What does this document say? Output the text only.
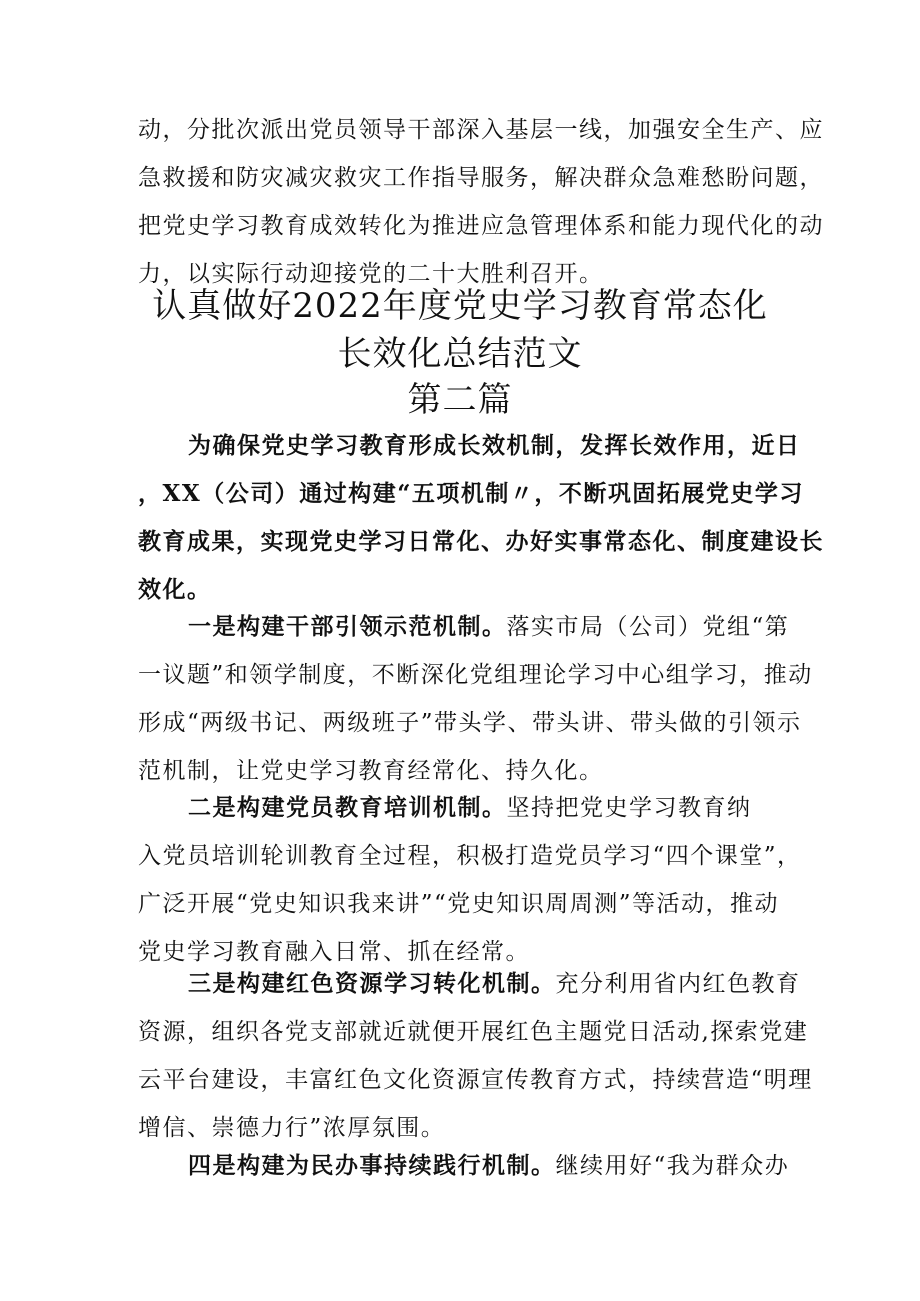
动，分批次派出党员领导干部深入基层一线，加强安全生产、应
急救援和防灾减灾救灾工作指导服务，解决群众急难愁盼问题，
把党史学习教育成效转化为推进应急管理体系和能力现代化的动
力，以实际行动迎接党的二十大胜利召开。

认真做好2022年度党史学习教育常态化
长效化总结范文
第二篇

为确保党史学习教育形成长效机制，发挥长效作用，近日
，XX（公司）通过构建“五项机制〃，不断巩固拓展党史学习
教育成果，实现党史学习日常化、办好实事常态化、制度建设长
效化。

一是构建干部引领示范机制。落实市局（公司）党组“第
一议题”和领学制度，不断深化党组理论学习中心组学习，推动
形成“两级书记、两级班子”带头学、带头讲、带头做的引领示
范机制，让党史学习教育经常化、持久化。

二是构建党员教育培训机制。坚持把党史学习教育纳
入党员培训轮训教育全过程，积极打造党员学习“四个课堂”，
广泛开展“党史知识我来讲”“党史知识周周测”等活动，推动
党史学习教育融入日常、抓在经常。

三是构建红色资源学习转化机制。充分利用省内红色教育
资源，组织各党支部就近就便开展红色主题党日活动,探索党建
云平台建设，丰富红色文化资源宣传教育方式，持续营造“明理
增信、崇德力行”浓厚氛围。

四是构建为民办事持续践行机制。继续用好“我为群众办
